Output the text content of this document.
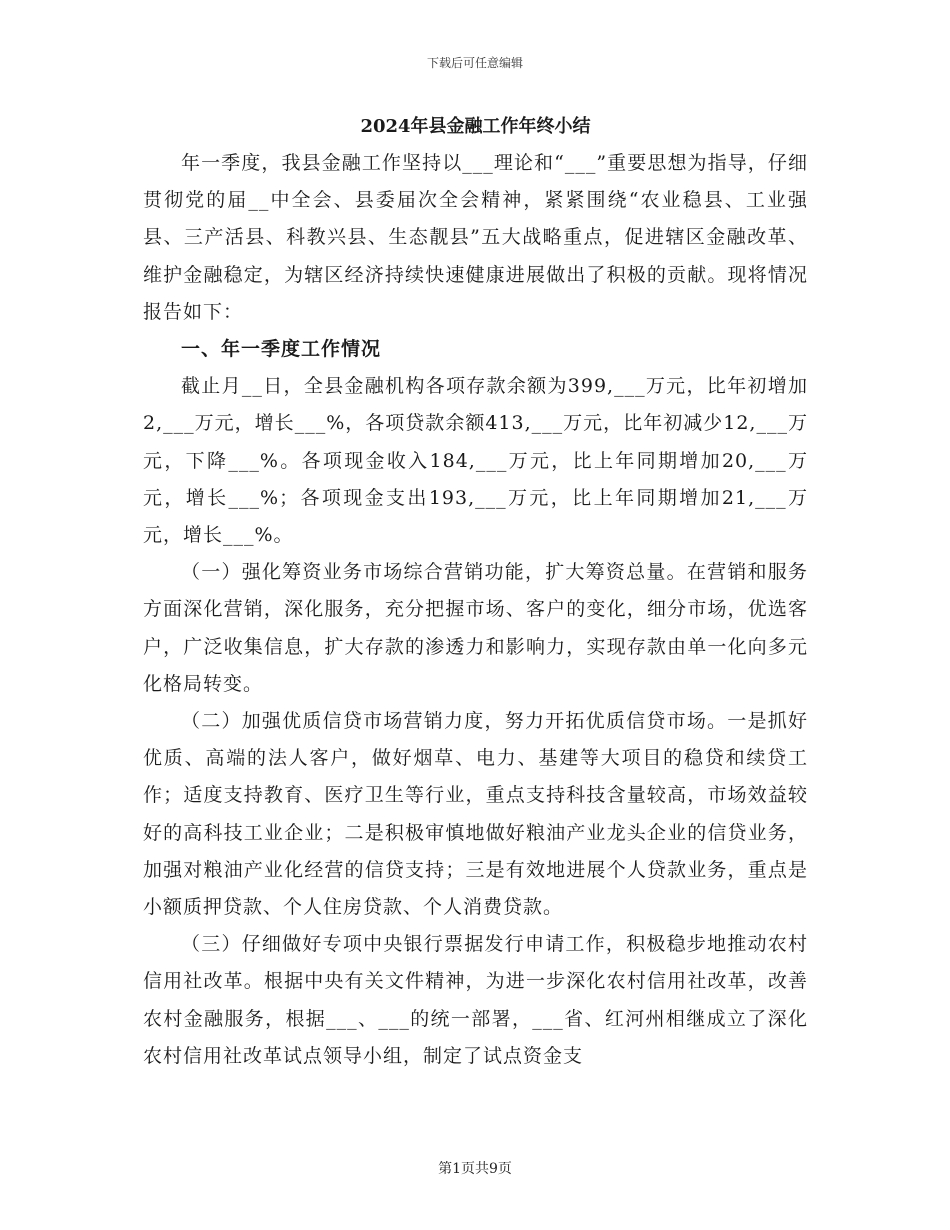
下载后可任意编辑
2024年县金融工作年终小结

年一季度，我县金融工作坚持以___理论和“___”重要思想为指导，仔细贯彻党的届__中全会、县委届次全会精神，紧紧围绕“农业稳县、工业强县、三产活县、科教兴县、生态靓县”五大战略重点，促进辖区金融改革、维护金融稳定，为辖区经济持续快速健康进展做出了积极的贡献。现将情况报告如下：

一、年一季度工作情况

截止月__日，全县金融机构各项存款余额为399,___万元，比年初增加2,___万元，增长___%，各项贷款余额413,___万元，比年初减少12,___万元，下降___%。各项现金收入184,___万元，比上年同期增加20,___万元，增长___%；各项现金支出193,___万元，比上年同期增加21,___万元，增长___%。

（一）强化筹资业务市场综合营销功能，扩大筹资总量。在营销和服务方面深化营销，深化服务，充分把握市场、客户的变化，细分市场，优选客户，广泛收集信息，扩大存款的渗透力和影响力，实现存款由单一化向多元化格局转变。

（二）加强优质信贷市场营销力度，努力开拓优质信贷市场。一是抓好优质、高端的法人客户，做好烟草、电力、基建等大项目的稳贷和续贷工作；适度支持教育、医疗卫生等行业，重点支持科技含量较高，市场效益较好的高科技工业企业；二是积极审慎地做好粮油产业龙头企业的信贷业务，加强对粮油产业化经营的信贷支持；三是有效地进展个人贷款业务，重点是小额质押贷款、个人住房贷款、个人消费贷款。

（三）仔细做好专项中央银行票据发行申请工作，积极稳步地推动农村信用社改革。根据中央有关文件精神，为进一步深化农村信用社改革，改善农村金融服务，根据___、___的统一部署，___省、红河州相继成立了深化农村信用社改革试点领导小组，制定了试点资金支

第1页共9页
